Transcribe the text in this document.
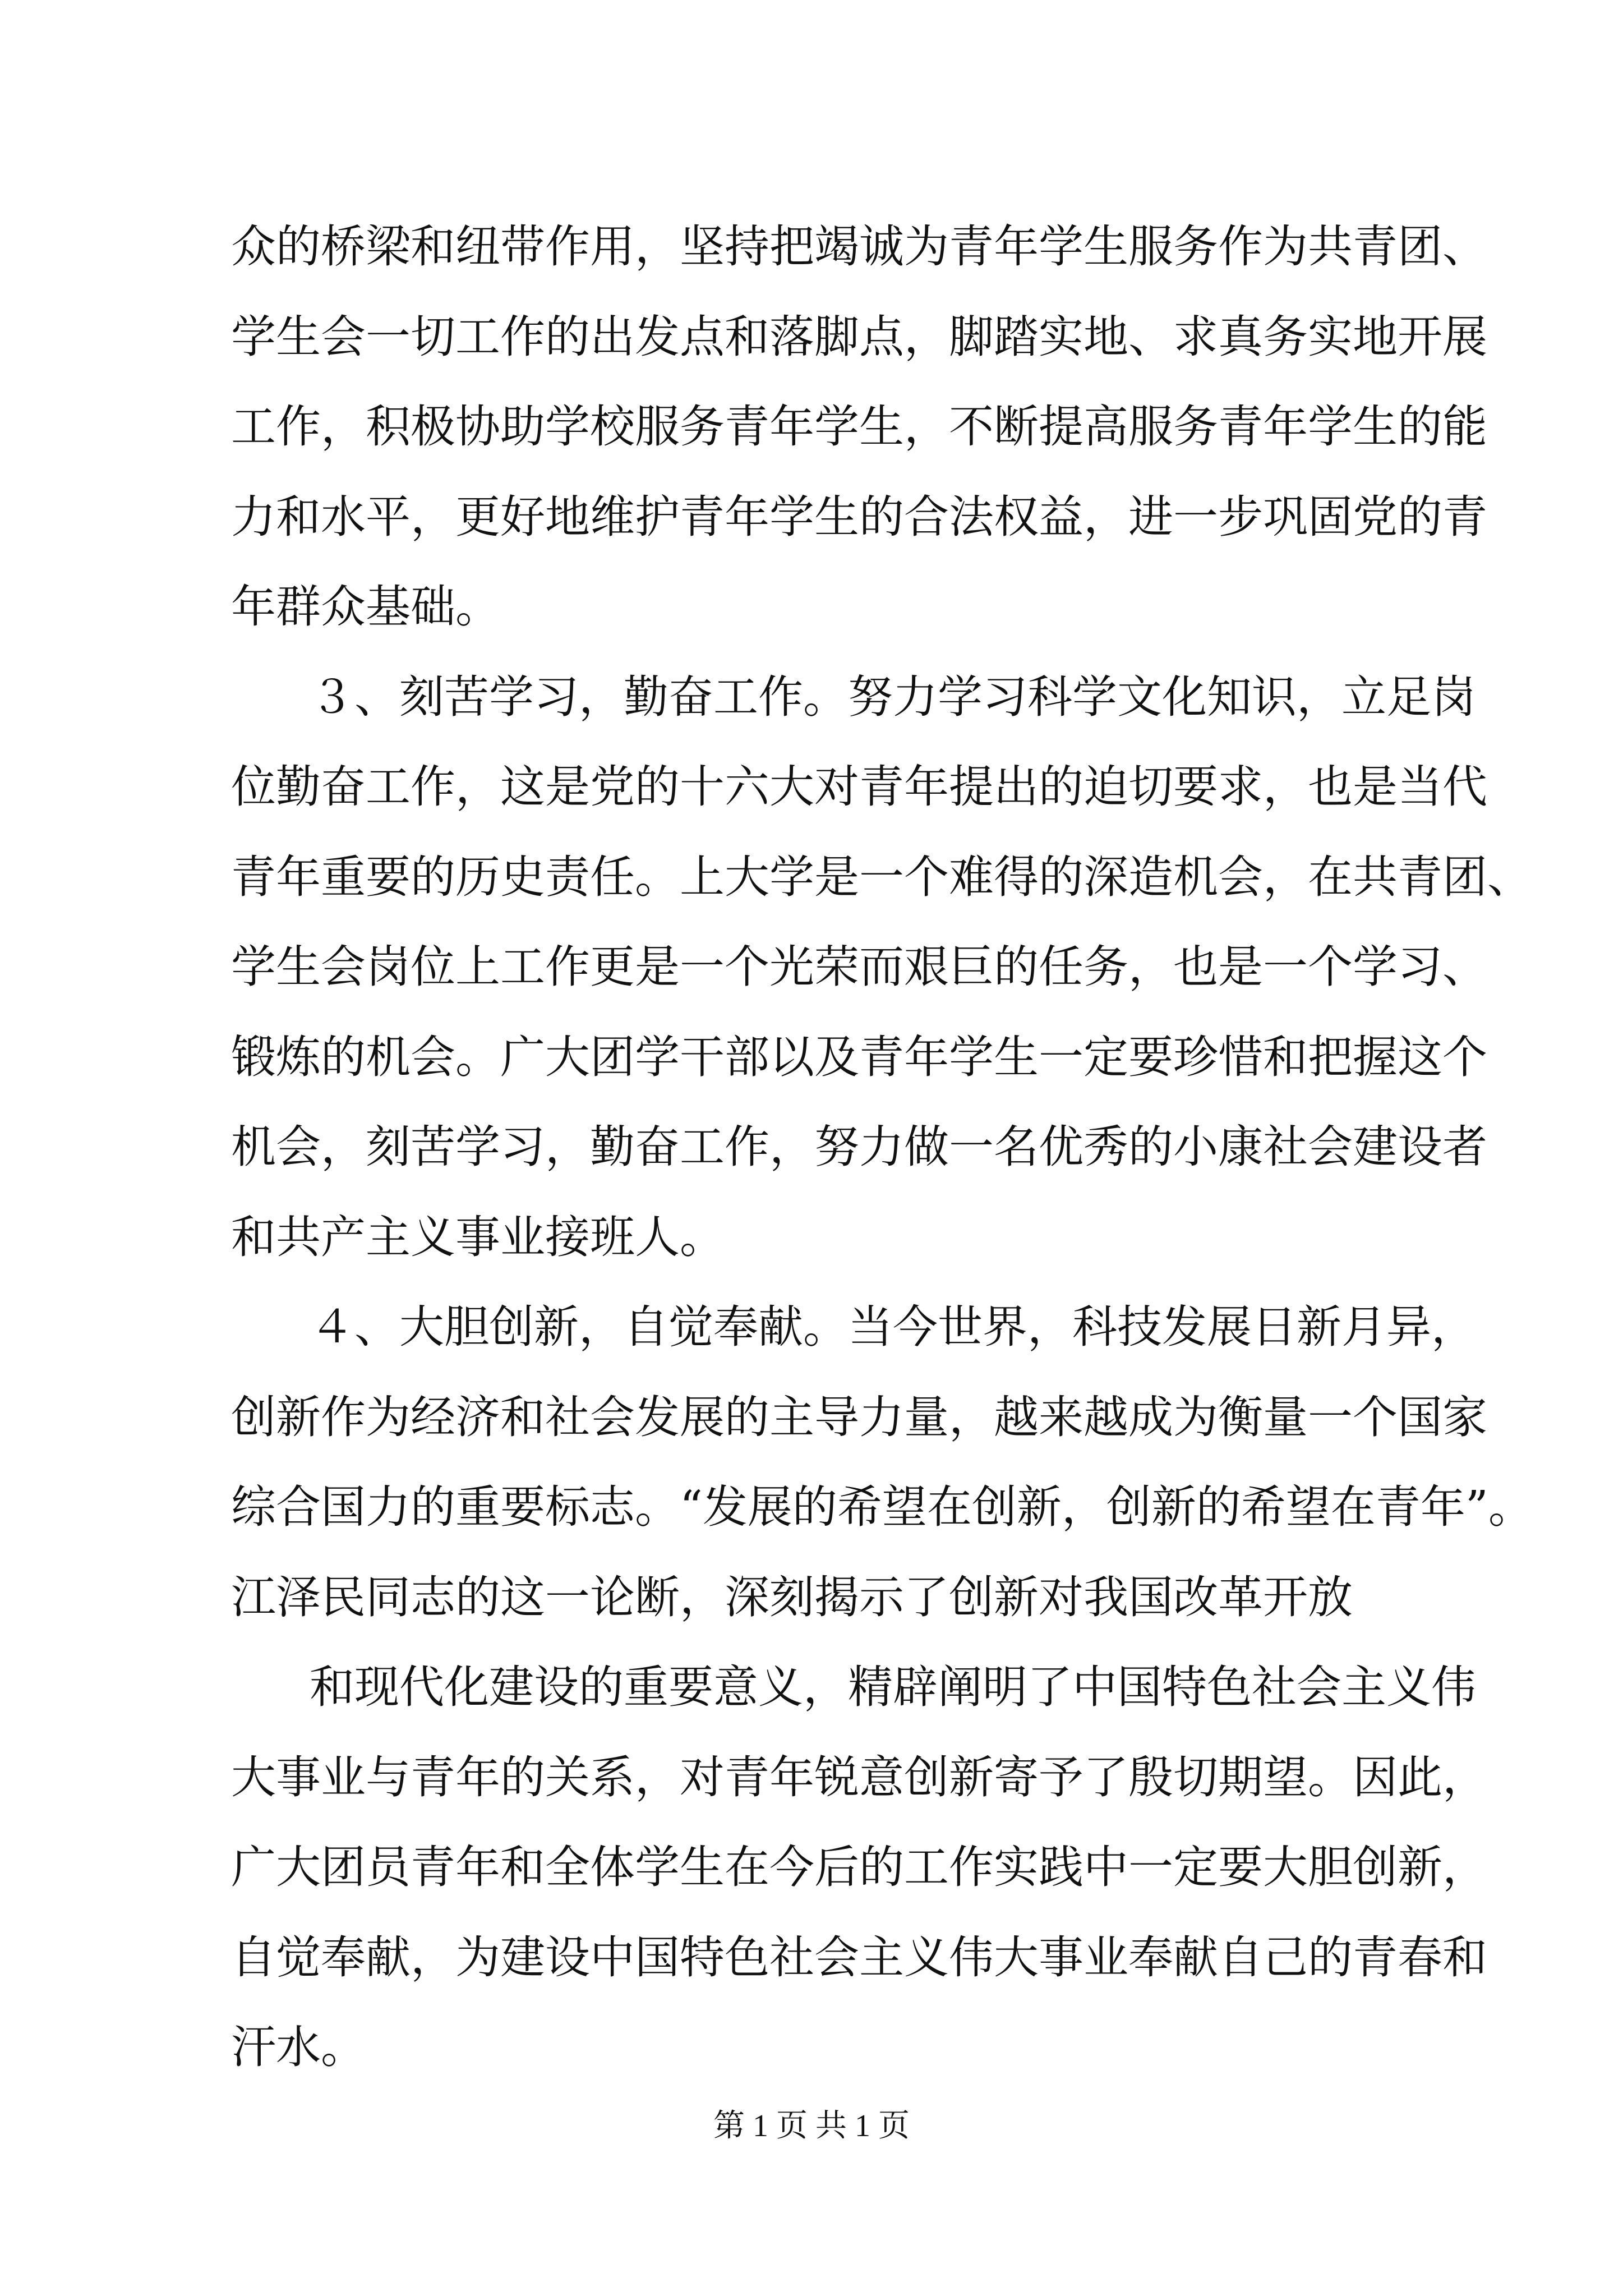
众 的 桥 梁 和 纽 带 作 用 ， 坚 持 把 竭 诚 为 青 年 学 生 服 务 作 为 共 青 团 、
学 生 会 一 切 工 作 的 出 发 点 和 落 脚 点 ， 脚 踏 实 地 、 求 真 务 实 地 开 展
工 作 ， 积 极 协 助 学 校 服 务 青 年 学 生 ， 不 断 提 高 服 务 青 年 学 生 的 能
力 和 水 平 ， 更 好 地 维 护 青 年 学 生 的 合 法 权 益 ， 进 一 步 巩 固 党 的 青
年 群 众 基 础 。
３ 、 刻 苦 学 习 ， 勤 奋 工 作 。 努 力 学 习 科 学 文 化 知 识 ， 立 足 岗
位 勤 奋 工 作 ， 这 是 党 的 十 六 大 对 青 年 提 出 的 迫 切 要 求 ， 也 是 当 代
青 年 重 要 的 历 史 责 任 。 上 大 学 是 一 个 难 得 的 深 造 机 会 ， 在 共 青 团 、
学 生 会 岗 位 上 工 作 更 是 一 个 光 荣 而 艰 巨 的 任 务 ， 也 是 一 个 学 习 、
锻 炼 的 机 会 。 广 大 团 学 干 部 以 及 青 年 学 生 一 定 要 珍 惜 和 把 握 这 个
机 会 ， 刻 苦 学 习 ， 勤 奋 工 作 ， 努 力 做 一 名 优 秀 的 小 康 社 会 建 设 者
和 共 产 主 义 事 业 接 班 人 。
４ 、 大 胆 创 新 ， 自 觉 奉 献 。 当 今 世 界 ， 科 技 发 展 日 新 月 异 ，
创 新 作 为 经 济 和 社 会 发 展 的 主 导 力 量 ， 越 来 越 成 为 衡 量 一 个 国 家
综 合 国 力 的 重 要 标 志 。 “ 发 展 的 希 望 在 创 新 ， 创 新 的 希 望 在 青 年 ” 。
江 泽 民 同 志 的 这 一 论 断 ， 深 刻 揭 示 了 创 新 对 我 国 改 革 开 放
和 现 代 化 建 设 的 重 要 意 义 ， 精 辟 阐 明 了 中 国 特 色 社 会 主 义 伟
大 事 业 与 青 年 的 关 系 ， 对 青 年 锐 意 创 新 寄 予 了 殷 切 期 望 。 因 此 ，
广 大 团 员 青 年 和 全 体 学 生 在 今 后 的 工 作 实 践 中 一 定 要 大 胆 创 新 ，
自 觉 奉 献 ， 为 建 设 中 国 特 色 社 会 主 义 伟 大 事 业 奉 献 自 己 的 青 春 和
汗 水 。
第 1 页 共 1 页
